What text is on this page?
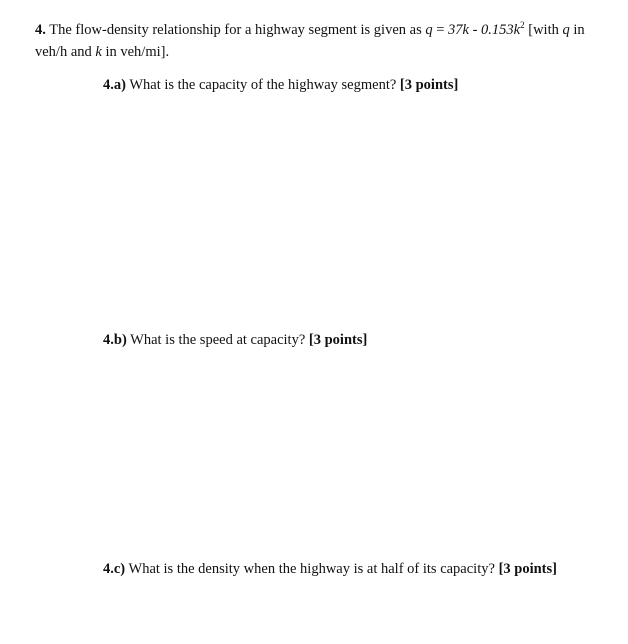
4. The flow-density relationship for a highway segment is given as $q = 37k - 0.153k^2$ [with q in veh/h and k in veh/mi].
4.a) What is the capacity of the highway segment? [3 points]
4.b) What is the speed at capacity? [3 points]
4.c) What is the density when the highway is at half of its capacity? [3 points]
